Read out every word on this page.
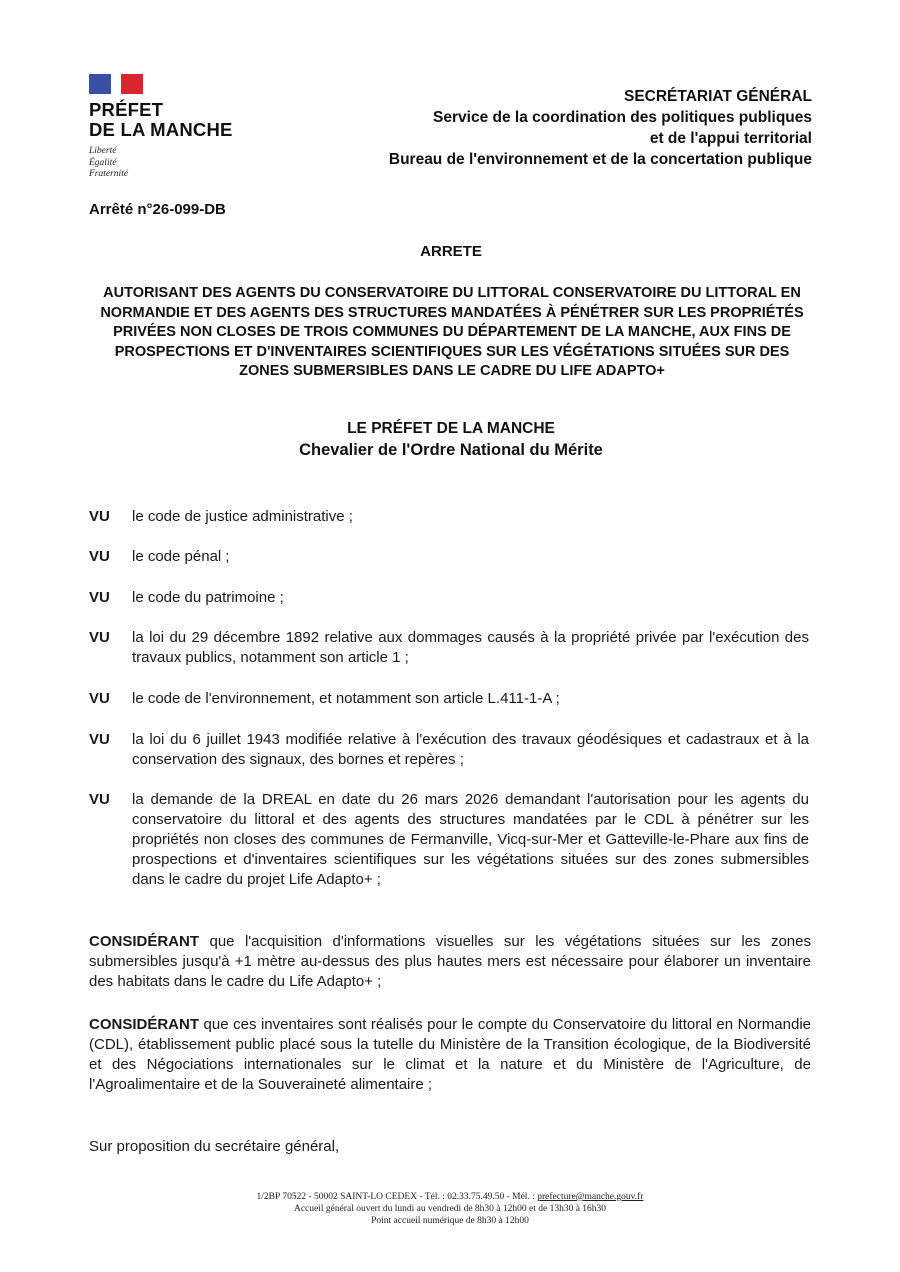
PRÉFET
DE LA MANCHE
Liberté
Égalité
Fraternité
SECRÉTARIAT GÉNÉRAL
Service de la coordination des politiques publiques
et de l'appui territorial
Bureau de l'environnement et de la concertation publique
Arrêté n°26-099-DB
ARRETE
AUTORISANT DES AGENTS DU CONSERVATOIRE DU LITTORAL CONSERVATOIRE DU LITTORAL EN NORMANDIE ET DES AGENTS DES STRUCTURES MANDATÉES À PÉNÉTRER SUR LES PROPRIÉTÉS PRIVÉES NON CLOSES DE TROIS COMMUNES DU DÉPARTEMENT DE LA MANCHE, AUX FINS DE PROSPECTIONS ET D'INVENTAIRES SCIENTIFIQUES SUR LES VÉGÉTATIONS SITUÉES SUR DES ZONES SUBMERSIBLES DANS LE CADRE DU LIFE ADAPTO+
LE PRÉFET DE LA MANCHE
Chevalier de l'Ordre National du Mérite
VU le code de justice administrative ;
VU le code pénal ;
VU le code du patrimoine ;
VU la loi du 29 décembre 1892 relative aux dommages causés à la propriété privée par l'exécution des travaux publics, notamment son article 1 ;
VU le code de l'environnement, et notamment son article L.411-1-A ;
VU la loi du 6 juillet 1943 modifiée relative à l'exécution des travaux géodésiques et cadastraux et à la conservation des signaux, des bornes et repères ;
VU la demande de la DREAL en date du 26 mars 2026 demandant l'autorisation pour les agents du conservatoire du littoral et des agents des structures mandatées par le CDL à pénétrer sur les propriétés non closes des communes de Fermanville, Vicq-sur-Mer et Gatteville-le-Phare aux fins de prospections et d'inventaires scientifiques sur les végétations situées sur des zones submersibles dans le cadre du projet Life Adapto+ ;
CONSIDÉRANT que l'acquisition d'informations visuelles sur les végétations situées sur les zones submersibles jusqu'à +1 mètre au-dessus des plus hautes mers est nécessaire pour élaborer un inventaire des habitats dans le cadre du Life Adapto+ ;
CONSIDÉRANT que ces inventaires sont réalisés pour le compte du Conservatoire du littoral en Normandie (CDL), établissement public placé sous la tutelle du Ministère de la Transition écologique, de la Biodiversité et des Négociations internationales sur le climat et la nature et du Ministère de l'Agriculture, de l'Agroalimentaire et de la Souveraineté alimentaire ;
Sur proposition du secrétaire général,
1/2BP 70522 - 50002 SAINT-LO CEDEX - Tél. : 02.33.75.49.50 - Mél. : prefecture@manche.gouv.fr
Accueil général ouvert du lundi au vendredi de 8h30 à 12h00 et de 13h30 à 16h30
Point accueil numérique de 8h30 à 12h00
